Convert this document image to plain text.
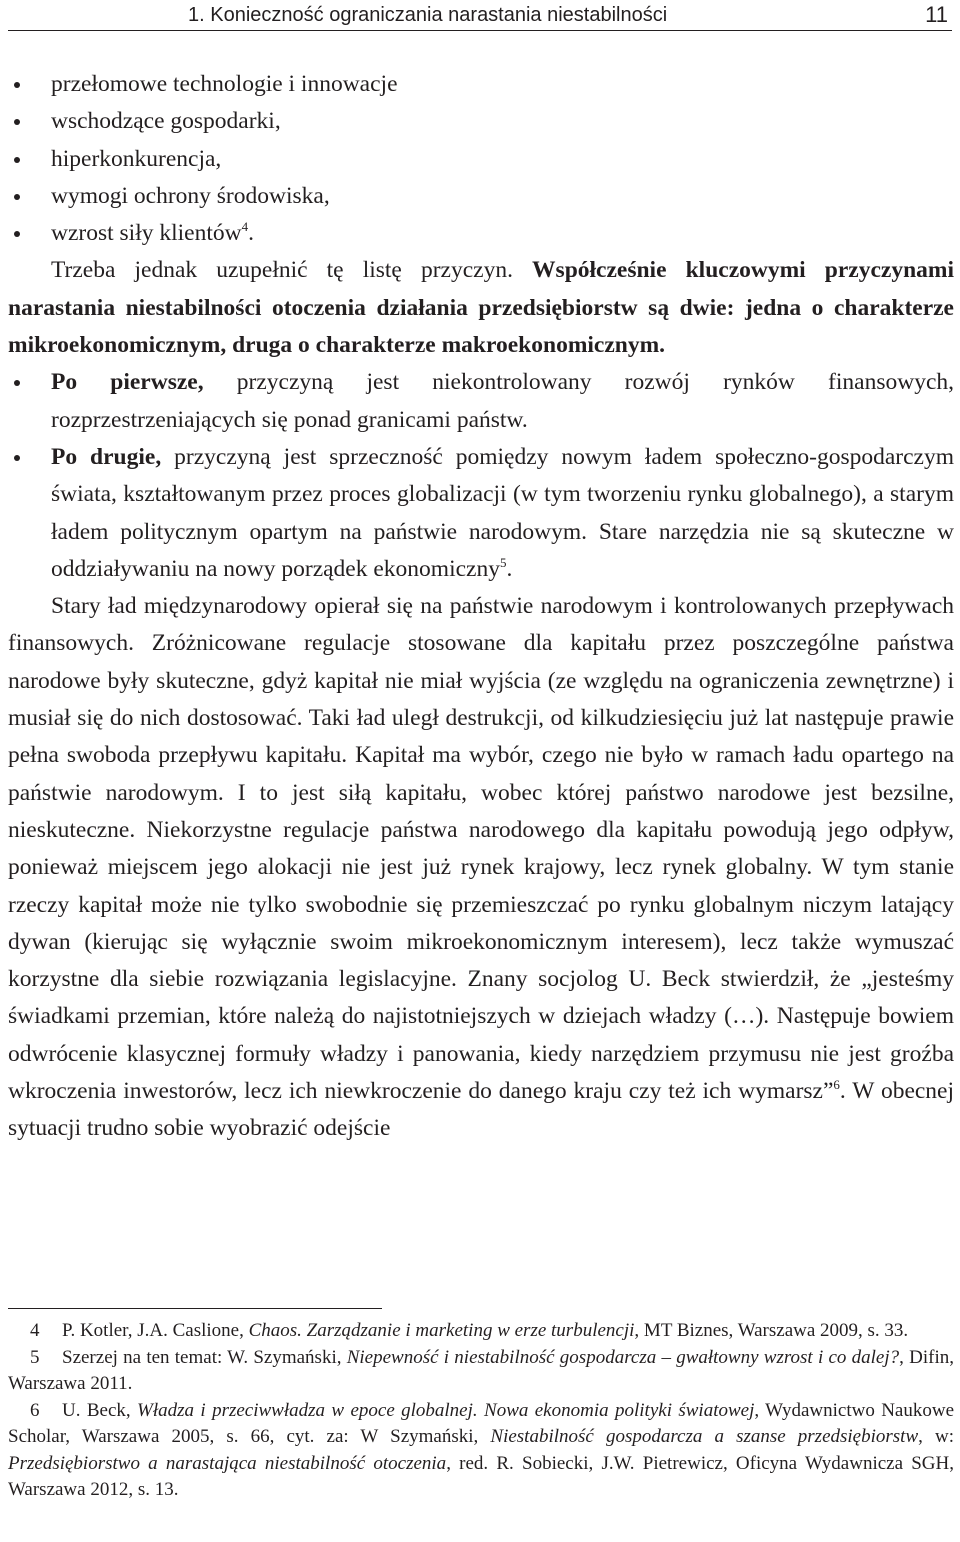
1. Konieczność ograniczania narastania niestabilności	11
przełomowe technologie i innowacje
wschodzące gospodarki,
hiperkonkurencja,
wymogi ochrony środowiska,
wzrost siły klientów$^4$.

Trzeba jednak uzupełnić tę listę przyczyn. Współcześnie kluczowymi przyczynami narastania niestabilności otoczenia działania przedsiębiorstw są dwie: jedna o charakterze mikroekonomicznym, druga o charakterze makroekonomicznym.

Po pierwsze, przyczyną jest niekontrolowany rozwój rynków finansowych, rozprzestrzeniających się ponad granicami państw.
Po drugie, przyczyną jest sprzeczność pomiędzy nowym ładem społeczno-gospodarczym świata, kształtowanym przez proces globalizacji (w tym tworzeniu rynku globalnego), a starym ładem politycznym opartym na państwie narodowym. Stare narzędzia nie są skuteczne w oddziaływaniu na nowy porządek ekonomiczny$^5$.

Stary ład międzynarodowy opierał się na państwie narodowym i kontrolowanych przepływach finansowych. Zróżnicowane regulacje stosowane dla kapitału przez poszczególne państwa narodowe były skuteczne, gdyż kapitał nie miał wyjścia (ze względu na ograniczenia zewnętrzne) i musiał się do nich dostosować. Taki ład uległ destrukcji, od kilkudziesięciu już lat następuje prawie pełna swoboda przepływu kapitału. Kapitał ma wybór, czego nie było w ramach ładu opartego na państwie narodowym. I to jest siłą kapitału, wobec której państwo narodowe jest bezsilne, nieskuteczne. Niekorzystne regulacje państwa narodowego dla kapitału powodują jego odpływ, ponieważ miejscem jego alokacji nie jest już rynek krajowy, lecz rynek globalny. W tym stanie rzeczy kapitał może nie tylko swobodnie się przemieszczać po rynku globalnym niczym latający dywan (kierując się wyłącznie swoim mikroekonomicznym interesem), lecz także wymuszać korzystne dla siebie rozwiązania legislacyjne. Znany socjolog U. Beck stwierdził, że „jesteśmy świadkami przemian, które należą do najistotniejszych w dziejach władzy (…). Następuje bowiem odwrócenie klasycznej formuły władzy i panowania, kiedy narzędziem przymusu nie jest groźba wkroczenia inwestorów, lecz ich niewkroczenie do danego kraju czy też ich wymarsz”$^6$. W obecnej sytuacji trudno sobie wyobrazić odejście

4 P. Kotler, J.A. Caslione, Chaos. Zarządzanie i marketing w erze turbulencji, MT Biznes, Warszawa 2009, s. 33.

5 Szerzej na ten temat: W. Szymański, Niepewność i niestabilność gospodarcza – gwałtowny wzrost i co dalej?, Difin, Warszawa 2011.

6 U. Beck, Władza i przeciwwładza w epoce globalnej. Nowa ekonomia polityki światowej, Wydawnictwo Naukowe Scholar, Warszawa 2005, s. 66, cyt. za: W Szymański, Niestabilność gospodarcza a szanse przedsiębiorstw, w: Przedsiębiorstwo a narastająca niestabilność otoczenia, red. R. Sobiecki, J.W. Pietrewicz, Oficyna Wydawnicza SGH, Warszawa 2012, s. 13.
